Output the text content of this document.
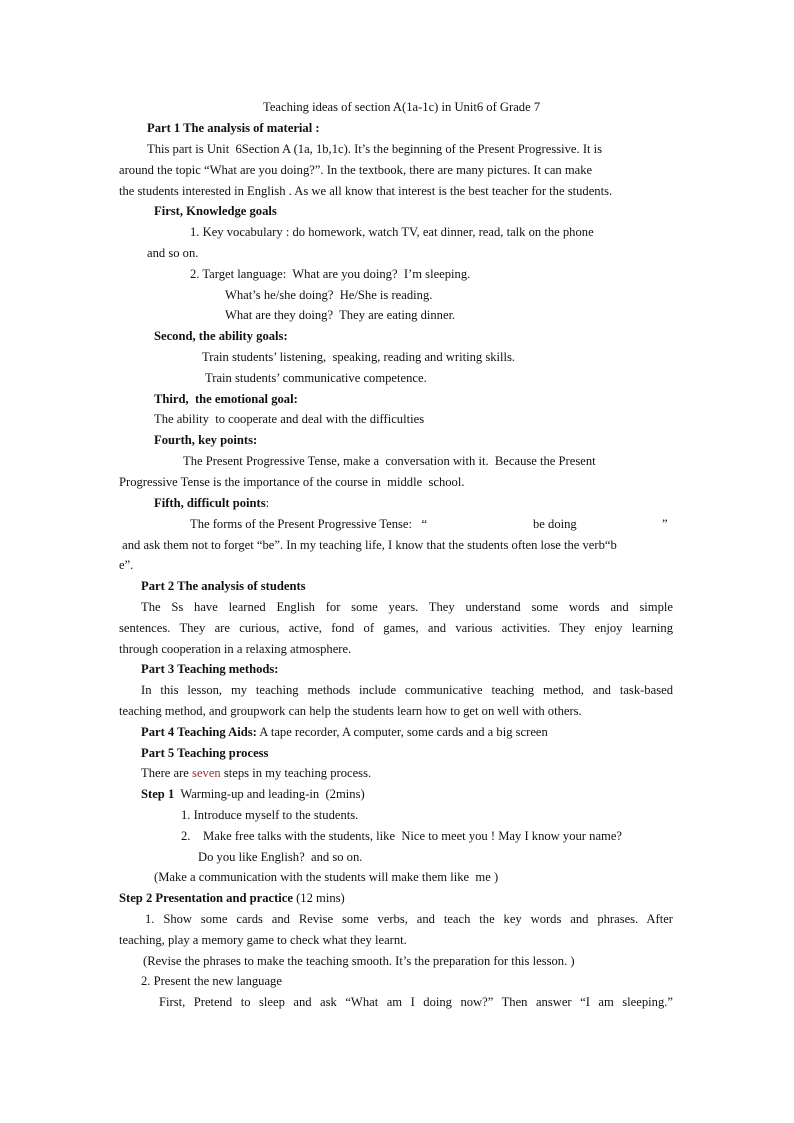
Teaching ideas of section A(1a-1c) in Unit6 of Grade 7
Part 1 The analysis of material :
This part is Unit  6Section A (1a, 1b,1c). It’s the beginning of the Present Progressive. It is
around the topic “What are you doing?”. In the textbook, there are many pictures. It can make
the students interested in English . As we all know that interest is the best teacher for the students.
First, Knowledge goals
1. Key vocabulary : do homework, watch TV, eat dinner, read, talk on the phone
and so on.
2. Target language:  What are you doing?  I’m sleeping.
What’s he/she doing?  He/She is reading.
What are they doing?  They are eating dinner.
Second, the ability goals:
Train students’ listening,  speaking, reading and writing skills.
Train students’ communicative competence.
Third,  the emotional goal:
The ability  to cooperate and deal with the difficulties
Fourth, key points:
The Present Progressive Tense, make a  conversation with it.  Because the Present
Progressive Tense is the importance of the course in  middle  school.
Fifth, difficult points:
The forms of the Present Progressive Tense:   “	be doing	”
and ask them not to forget “be”. In my teaching life, I know that the students often lose the verb“b
e”.
Part 2 The analysis of students
The Ss have learned English for some years. They understand some words and simple
sentences. They are curious, active, fond of games, and various activities. They enjoy learning
through cooperation in a relaxing atmosphere.
Part 3 Teaching methods:
In this lesson, my teaching methods include communicative teaching method, and task-based
teaching method, and groupwork can help the students learn how to get on well with others.
Part 4 Teaching Aids: A tape recorder, A computer, some cards and a big screen
Part 5 Teaching process
There are seven steps in my teaching process.
Step 1  Warming-up and leading-in  (2mins)
1. Introduce myself to the students.
2.    Make free talks with the students, like  Nice to meet you ! May I know your name?
Do you like English?  and so on.
(Make a communication with the students will make them like  me )
Step 2 Presentation and practice (12 mins)
1. Show some cards and Revise some verbs, and teach the key words and phrases. After
teaching, play a memory game to check what they learnt.
(Revise the phrases to make the teaching smooth. It’s the preparation for this lesson. )
2. Present the new language
First, Pretend to sleep and ask “What am I doing now?” Then answer “I am sleeping.”
